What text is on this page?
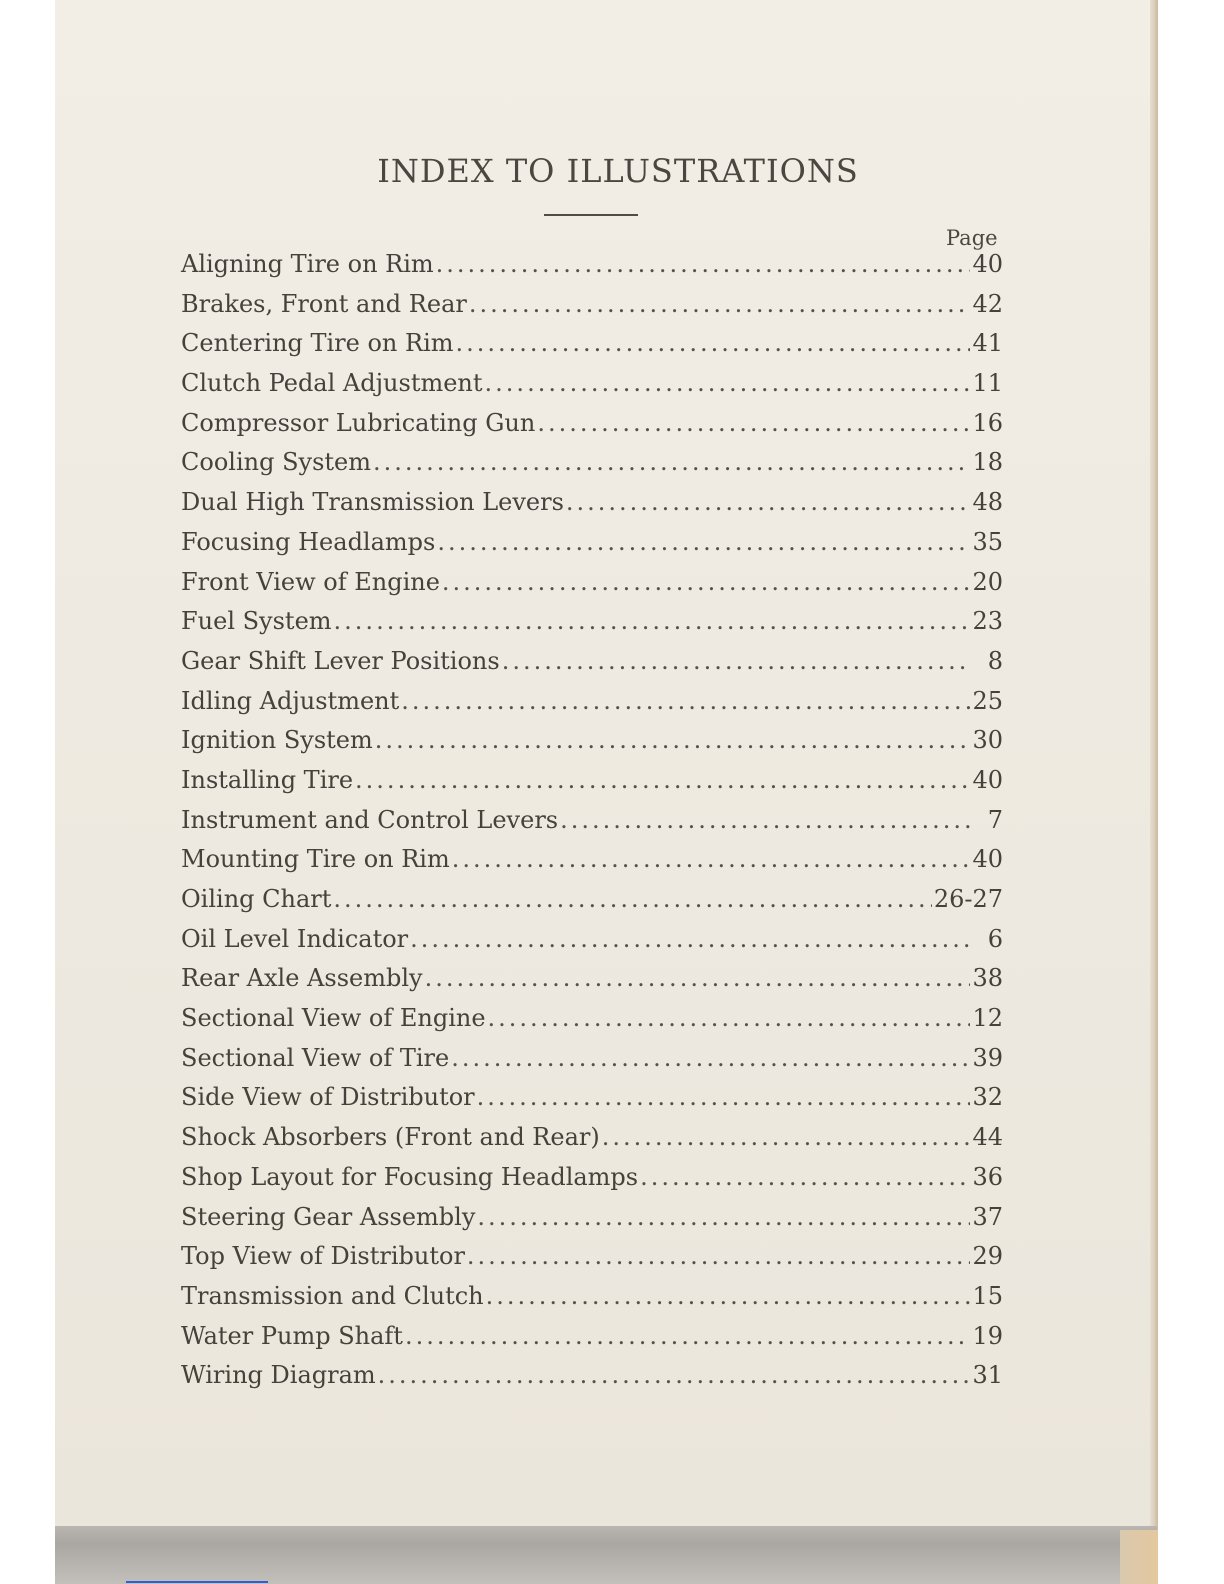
INDEX TO ILLUSTRATIONS
Page
Aligning Tire on Rim .....	40
Brakes, Front and Rear .....	42
Centering Tire on Rim .....	41
Clutch Pedal Adjustment .....	11
Compressor Lubricating Gun .....	16
Cooling System .....	18
Dual High Transmission Levers .....	48
Focusing Headlamps .....	35
Front View of Engine .....	20
Fuel System .....	23
Gear Shift Lever Positions .....	8
Idling Adjustment .....	25
Ignition System .....	30
Installing Tire .....	40
Instrument and Control Levers .....	7
Mounting Tire on Rim .....	40
Oiling Chart .....	26-27
Oil Level Indicator .....	6
Rear Axle Assembly .....	38
Sectional View of Engine .....	12
Sectional View of Tire .....	39
Side View of Distributor .....	32
Shock Absorbers (Front and Rear) .....	44
Shop Layout for Focusing Headlamps .....	36
Steering Gear Assembly .....	37
Top View of Distributor .....	29
Transmission and Clutch .....	15
Water Pump Shaft .....	19
Wiring Diagram .....	31
